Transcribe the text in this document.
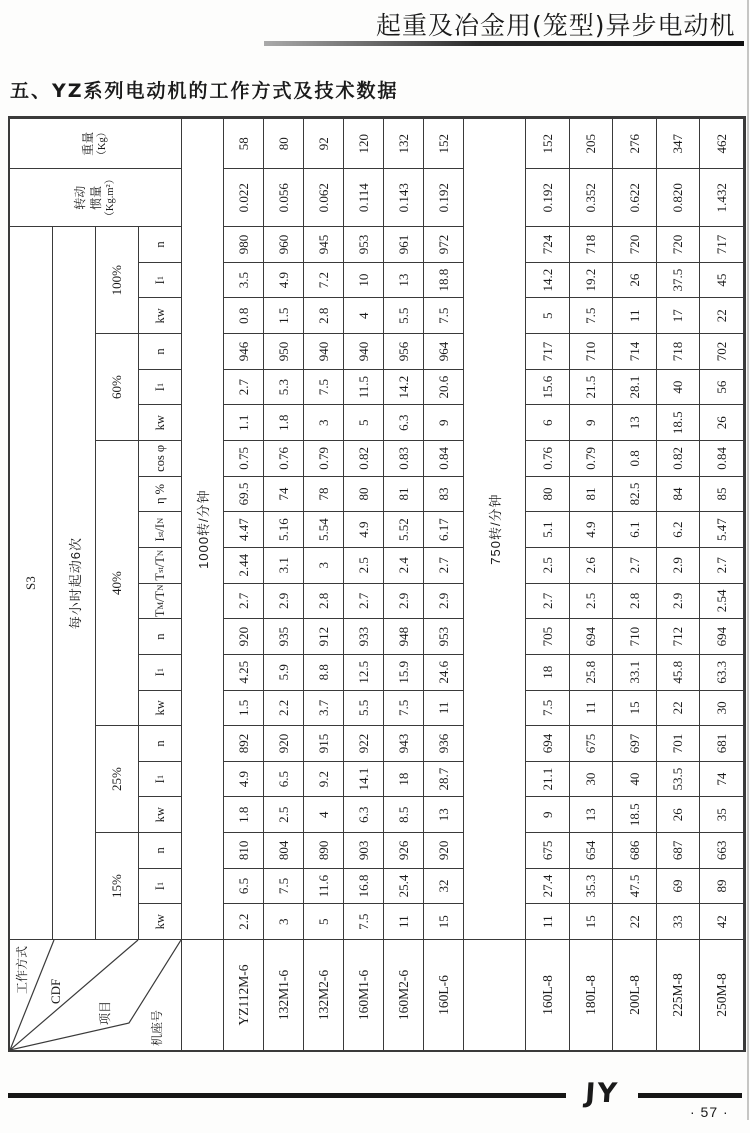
起重及冶金用(笼型)异步电动机
五、YZ系列电动机的工作方式及技术数据
工作方式 CDF
项目	机座号
S3	每小时起动6次
转动 惯量 （Kg.m²）
重量 （Kg）
15%
25%
40%
60%
100%
kw
I
1
n
kw
I
1
n
kw
I
1
n
T
M
/T
N
T
st
/T
N
I
st
/I
N
η %
cos φ
kw
I
1
n
kw
I
1
n
1000转/分钟
YZ112M-6
2.2
6.5
810
1.8
4.9
892
1.5
4.25
920
2.7
2.44
4.47
69.5
0.75
1.1
2.7
946
0.8
3.5
980
0.022
58
132M1-6
3
7.5
804
2.5
6.5
920
2.2
5.9
935
2.9
3.1
5.16
74
0.76
1.8
5.3
950
1.5
4.9
960
0.056
80
132M2-6
5
11.6
890
4
9.2
915
3.7
8.8
912
2.8
3
5.54
78
0.79
3
7.5
940
2.8
7.2
945
0.062
92
160M1-6
7.5
16.8
903
6.3
14.1
922
5.5
12.5
933
2.7
2.5
4.9
80
0.82
5
11.5
940
4
10
953
0.114
120
160M2-6
11
25.4
926
8.5
18
943
7.5
15.9
948
2.9
2.4
5.52
81
0.83
6.3
14.2
956
5.5
13
961
0.143
132
160L-6
15
32
920
13
28.7
936
11
24.6
953
2.9
2.7
6.17
83
0.84
9
20.6
964
7.5
18.8
972
0.192
152
750转/分钟
160L-8
11
27.4
675
9
21.1
694
7.5
18
705
2.7
2.5
5.1
80
0.76
6
15.6
717
5
14.2
724
0.192
152
180L-8
15
35.3
654
13
30
675
11
25.8
694
2.5
2.6
4.9
81
0.79
9
21.5
710
7.5
19.2
718
0.352
205
200L-8
22
47.5
686
18.5
40
697
15
33.1
710
2.8
2.7
6.1
82.5
0.8
13
28.1
714
11
26
720
0.622
276
225M-8
33
69
687
26
53.5
701
22
45.8
712
2.9
2.9
6.2
84
0.82
18.5
40
718
17
37.5
720
0.820
347
250M-8
42
89
663
35
74
681
30
63.3
694
2.54
2.7
5.47
85
0.84
26
56
702
22
45
717
1.432
462
JY
· 57 ·
